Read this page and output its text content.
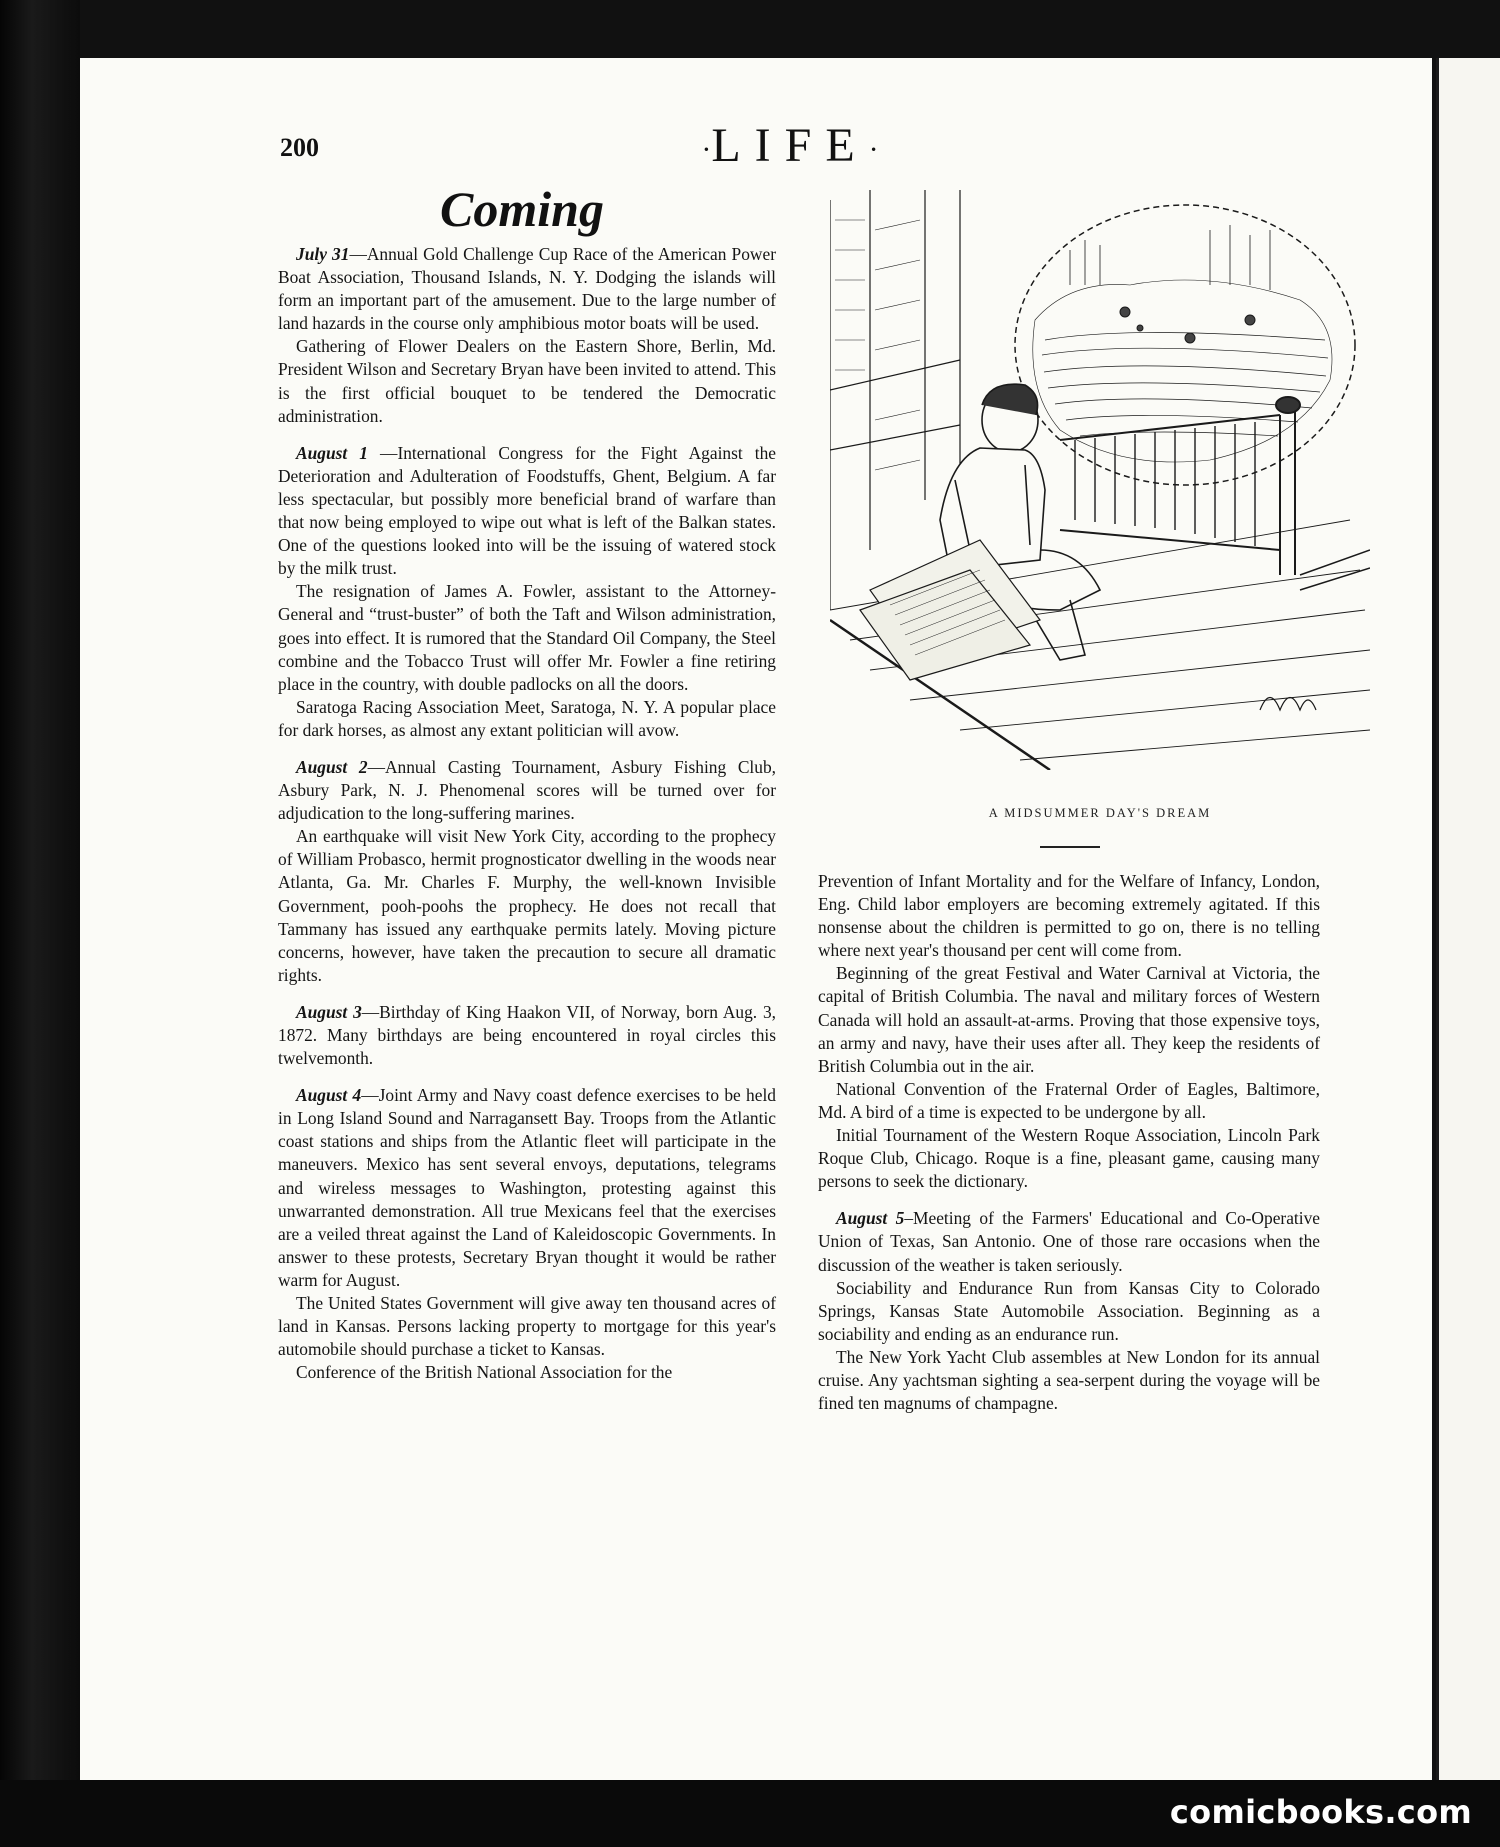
200	·LIFE·
Coming

July 31—Annual Gold Challenge Cup Race of the American Power Boat Association, Thousand Islands, N. Y. Dodging the islands will form an important part of the amusement. Due to the large number of land hazards in the course only amphibious motor boats will be used.

Gathering of Flower Dealers on the Eastern Shore, Berlin, Md. President Wilson and Secretary Bryan have been invited to attend. This is the first official bouquet to be tendered the Democratic administration.

August 1 —International Congress for the Fight Against the Deterioration and Adulteration of Foodstuffs, Ghent, Belgium. A far less spectacular, but possibly more beneficial brand of warfare than that now being employed to wipe out what is left of the Balkan states. One of the questions looked into will be the issuing of watered stock by the milk trust.

The resignation of James A. Fowler, assistant to the Attorney-General and “trust-buster” of both the Taft and Wilson administration, goes into effect. It is rumored that the Standard Oil Company, the Steel combine and the Tobacco Trust will offer Mr. Fowler a fine retiring place in the country, with double padlocks on all the doors.

Saratoga Racing Association Meet, Saratoga, N. Y. A popular place for dark horses, as almost any extant politician will avow.

August 2—Annual Casting Tournament, Asbury Fishing Club, Asbury Park, N. J. Phenomenal scores will be turned over for adjudication to the long-suffering marines.

An earthquake will visit New York City, according to the prophecy of William Probasco, hermit prognosticator dwelling in the woods near Atlanta, Ga. Mr. Charles F. Murphy, the well-known Invisible Government, pooh-poohs the prophecy. He does not recall that Tammany has issued any earthquake permits lately. Moving picture concerns, however, have taken the precaution to secure all dramatic rights.

August 3—Birthday of King Haakon VII, of Norway, born Aug. 3, 1872. Many birthdays are being encountered in royal circles this twelvemonth.

August 4—Joint Army and Navy coast defence exercises to be held in Long Island Sound and Narragansett Bay. Troops from the Atlantic coast stations and ships from the Atlantic fleet will participate in the maneuvers. Mexico has sent several envoys, deputations, telegrams and wireless messages to Washington, protesting against this unwarranted demonstration. All true Mexicans feel that the exercises are a veiled threat against the Land of Kaleidoscopic Governments. In answer to these protests, Secretary Bryan thought it would be rather warm for August.

The United States Government will give away ten thousand acres of land in Kansas. Persons lacking property to mortgage for this year's automobile should purchase a ticket to Kansas.

Conference of the British National Association for the

A MIDSUMMER DAY'S DREAM

Prevention of Infant Mortality and for the Welfare of Infancy, London, Eng. Child labor employers are becoming extremely agitated. If this nonsense about the children is permitted to go on, there is no telling where next year's thousand per cent will come from.

Beginning of the great Festival and Water Carnival at Victoria, the capital of British Columbia. The naval and military forces of Western Canada will hold an assault-at-arms. Proving that those expensive toys, an army and navy, have their uses after all. They keep the residents of British Columbia out in the air.

National Convention of the Fraternal Order of Eagles, Baltimore, Md. A bird of a time is expected to be undergone by all.

Initial Tournament of the Western Roque Association, Lincoln Park Roque Club, Chicago. Roque is a fine, pleasant game, causing many persons to seek the dictionary.

August 5–Meeting of the Farmers' Educational and Co-Operative Union of Texas, San Antonio. One of those rare occasions when the discussion of the weather is taken seriously.

Sociability and Endurance Run from Kansas City to Colorado Springs, Kansas State Automobile Association. Beginning as a sociability and ending as an endurance run.

The New York Yacht Club assembles at New London for its annual cruise. Any yachtsman sighting a sea-serpent during the voyage will be fined ten magnums of champagne.

comicbooks.com
